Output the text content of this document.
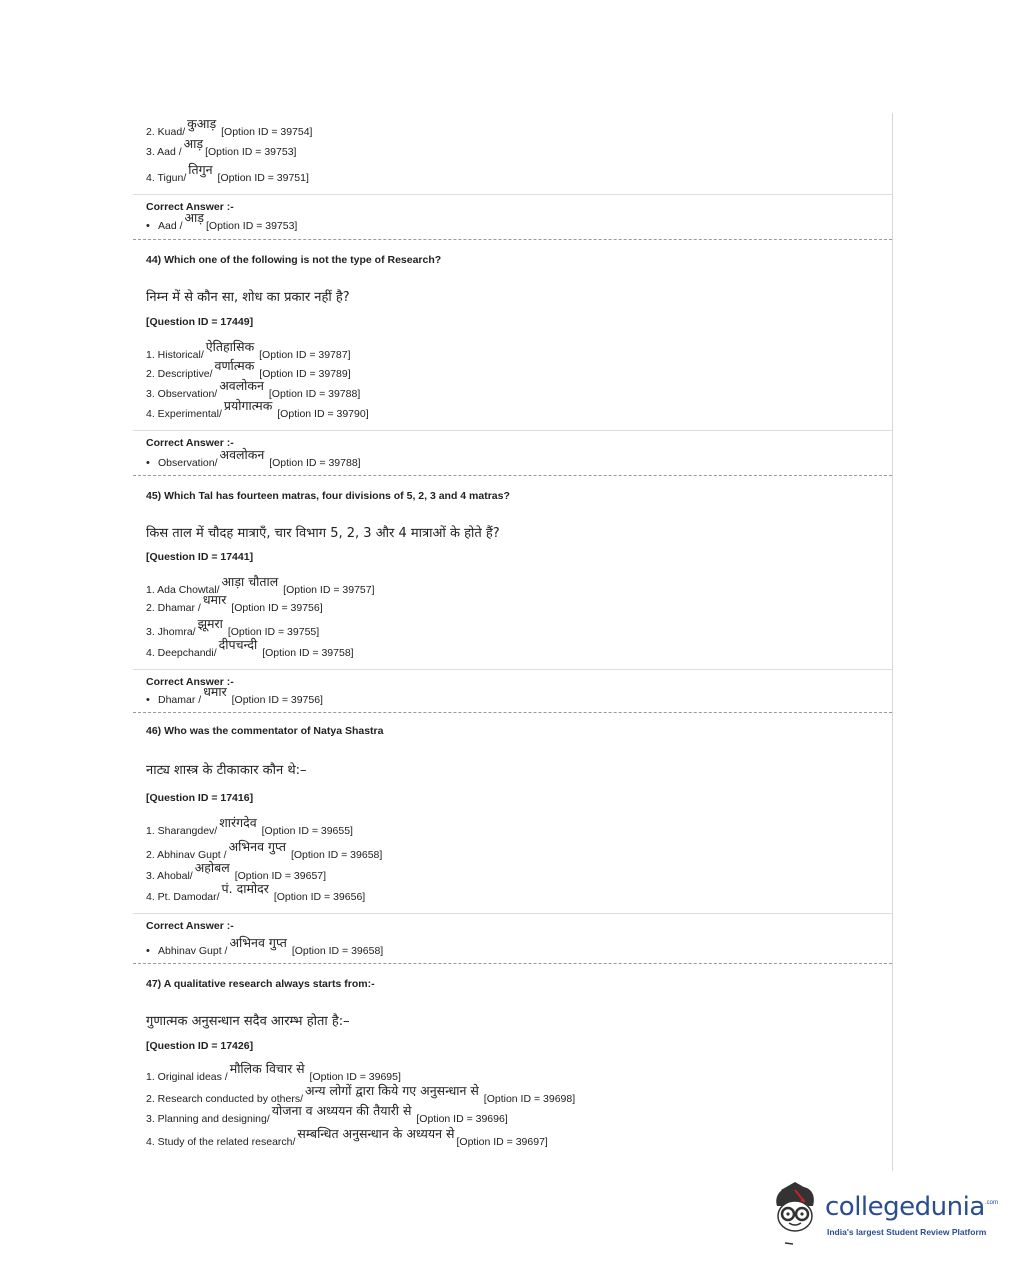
2. Kuad/कुआड़ [Option ID = 39754]
3. Aad /आड़[Option ID = 39753]
4. Tigun/तिगुन [Option ID = 39751]
Correct Answer :-
• Aad /आड़[Option ID = 39753]
44) Which one of the following is not the type of Research?
निम्न में से कौन सा, शोध का प्रकार नहीं है?
[Question ID = 17449]
1. Historical/ऐतिहासिक [Option ID = 39787]
2. Descriptive/वर्णात्मक [Option ID = 39789]
3. Observation/अवलोकन [Option ID = 39788]
4. Experimental/प्रयोगात्मक [Option ID = 39790]
Correct Answer :-
• Observation/अवलोकन [Option ID = 39788]
45) Which Tal has fourteen matras, four divisions of 5, 2, 3 and 4 matras?
किस ताल में चौदह मात्राएँ, चार विभाग 5, 2, 3 और 4 मात्राओं के होते हैं?
[Question ID = 17441]
1. Ada Chowtal/आड़ा चौताल [Option ID = 39757]
2. Dhamar /धमार [Option ID = 39756]
3. Jhomra/झूमरा [Option ID = 39755]
4. Deepchandi/दीपचन्दी [Option ID = 39758]
Correct Answer :-
• Dhamar /धमार [Option ID = 39756]
46) Who was the commentator of Natya Shastra
नाट्य शास्त्र के टीकाकार कौन थे:–
[Question ID = 17416]
1. Sharangdev/शारंगदेव [Option ID = 39655]
2. Abhinav Gupt /अभिनव गुप्त [Option ID = 39658]
3. Ahobal/अहोबल [Option ID = 39657]
4. Pt. Damodar/पं. दामोदर [Option ID = 39656]
Correct Answer :-
• Abhinav Gupt /अभिनव गुप्त [Option ID = 39658]
47) A qualitative research always starts from:-
गुणात्मक अनुसन्धान सदैव आरम्भ होता है:–
[Question ID = 17426]
1. Original ideas /मौलिक विचार से [Option ID = 39695]
2. Research conducted by others/अन्य लोगों द्वारा किये गए अनुसन्धान से [Option ID = 39698]
3. Planning and designing/योजना व अध्ययन की तैयारी से [Option ID = 39696]
4. Study of the related research/सम्बन्धित अनुसन्धान के अध्ययन से[Option ID = 39697]
collegedunia .com
India's largest Student Review Platform
